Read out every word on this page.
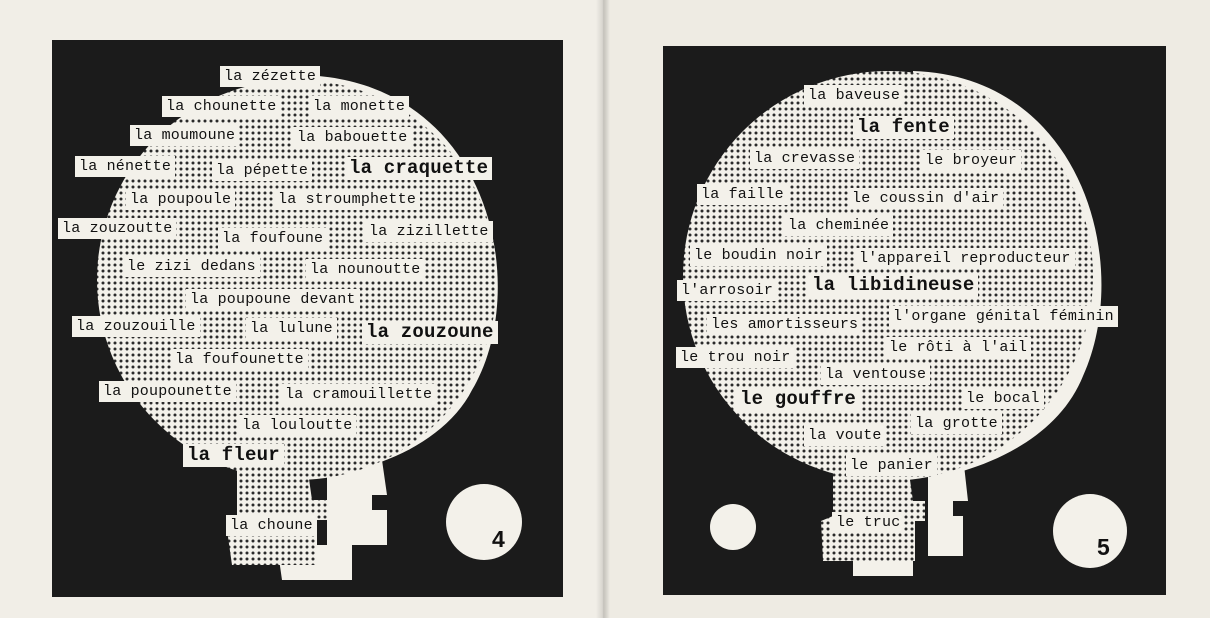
4	5
la zézette
la chounette la monette
la moumoune	la babouette
la nénette	la pépette la craquette
la poupoule	la stroumphette
la zouzoutte
la foufoune	la zizillette
le zizi dedans	la nounoutte
la poupoune devant
la zouzouille	la lulune la zouzoune
la foufounette
la poupounette	la cramouillette
la louloutte
la fleur
la choune
la baveuse
la fente
la crevasse	le broyeur
la faille	le coussin d'air
la cheminée
le boudin noir l'appareil reproducteur
l'arrosoir la libidineuse
l'organe génital féminin
les amortisseurs
le rôti à l'ail
le trou noir
la ventouse
le gouffre	le bocal
la grotte
la voute
le panier
le truc
